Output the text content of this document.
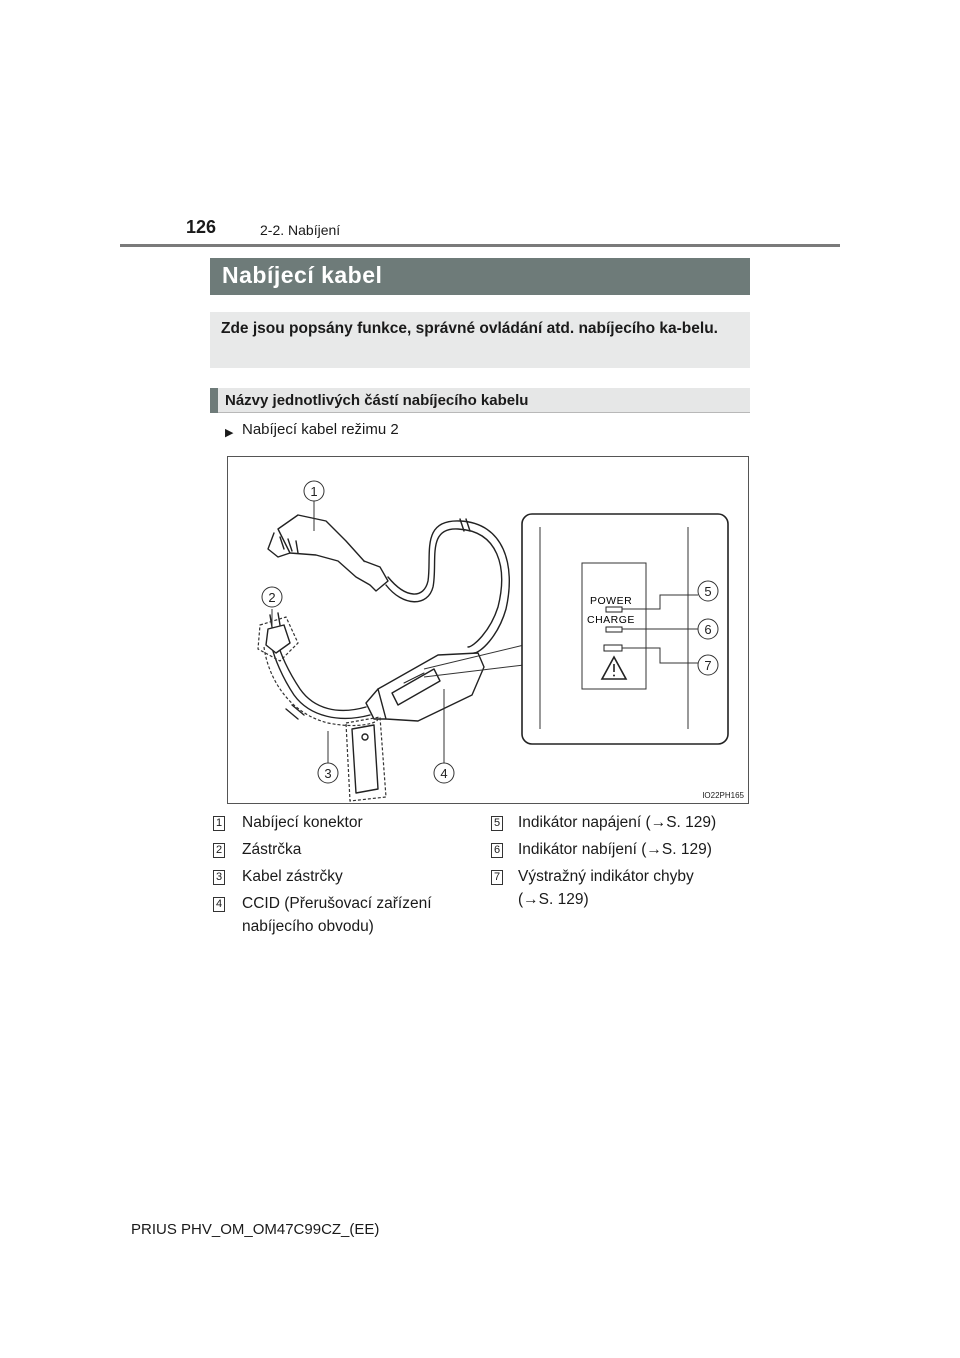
126	2-2. Nabíjení
Nabíjecí kabel
Zde jsou popsány funkce, správné ovládání atd. nabíjecího ka-belu.
Názvy jednotlivých částí nabíjecího kabelu
▶ Nabíjecí kabel režimu 2
POWER
CHARGE
1
2
3	4
5
6
7
IO22PH165
1 Nabíjecí konektor
2 Zástrčka
3 Kabel zástrčky
4 CCID (Přerušovací zařízení
nabíjecího obvodu)
5 Indikátor napájení (→S. 129)
6 Indikátor nabíjení (→S. 129)
7 Výstražný indikátor chyby
(→S. 129)
PRIUS PHV_OM_OM47C99CZ_(EE)
